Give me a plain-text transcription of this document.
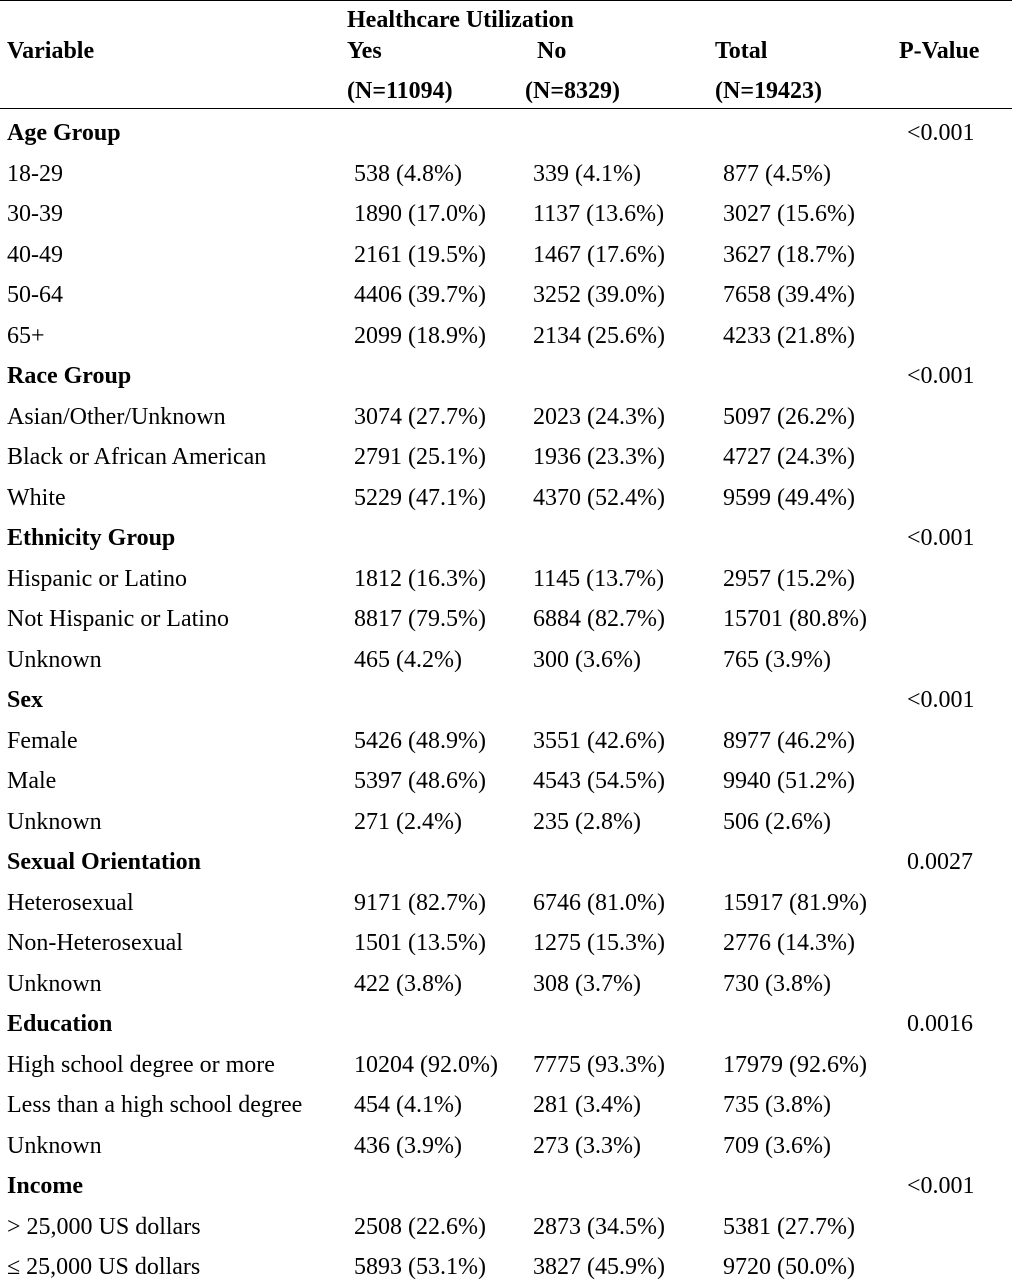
Healthcare Utilization
Variable	Yes	No	Total	P-Value
(N=11094)	(N=8329)	(N=19423)
Age Group				<0.001
18-29	538 (4.8%)	339 (4.1%)	877 (4.5%)	
30-39	1890 (17.0%)	1137 (13.6%)	3027 (15.6%)	
40-49	2161 (19.5%)	1467 (17.6%)	3627 (18.7%)	
50-64	4406 (39.7%)	3252 (39.0%)	7658 (39.4%)	
65+	2099 (18.9%)	2134 (25.6%)	4233 (21.8%)	
Race Group				<0.001
Asian/Other/Unknown	3074 (27.7%)	2023 (24.3%)	5097 (26.2%)	
Black or African American	2791 (25.1%)	1936 (23.3%)	4727 (24.3%)	
White	5229 (47.1%)	4370 (52.4%)	9599 (49.4%)	
Ethnicity Group				<0.001
Hispanic or Latino	1812 (16.3%)	1145 (13.7%)	2957 (15.2%)	
Not Hispanic or Latino	8817 (79.5%)	6884 (82.7%)	15701 (80.8%)	
Unknown	465 (4.2%)	300 (3.6%)	765 (3.9%)	
Sex				<0.001
Female	5426 (48.9%)	3551 (42.6%)	8977 (46.2%)	
Male	5397 (48.6%)	4543 (54.5%)	9940 (51.2%)	
Unknown	271 (2.4%)	235 (2.8%)	506 (2.6%)	
Sexual Orientation				0.0027
Heterosexual	9171 (82.7%)	6746 (81.0%)	15917 (81.9%)	
Non-Heterosexual	1501 (13.5%)	1275 (15.3%)	2776 (14.3%)	
Unknown	422 (3.8%)	308 (3.7%)	730 (3.8%)	
Education				0.0016
High school degree or more	10204 (92.0%)	7775 (93.3%)	17979 (92.6%)	
Less than a high school degree	454 (4.1%)	281 (3.4%)	735 (3.8%)	
Unknown	436 (3.9%)	273 (3.3%)	709 (3.6%)	
Income				<0.001
> 25,000 US dollars	2508 (22.6%)	2873 (34.5%)	5381 (27.7%)	
≤ 25,000 US dollars	5893 (53.1%)	3827 (45.9%)	9720 (50.0%)	
